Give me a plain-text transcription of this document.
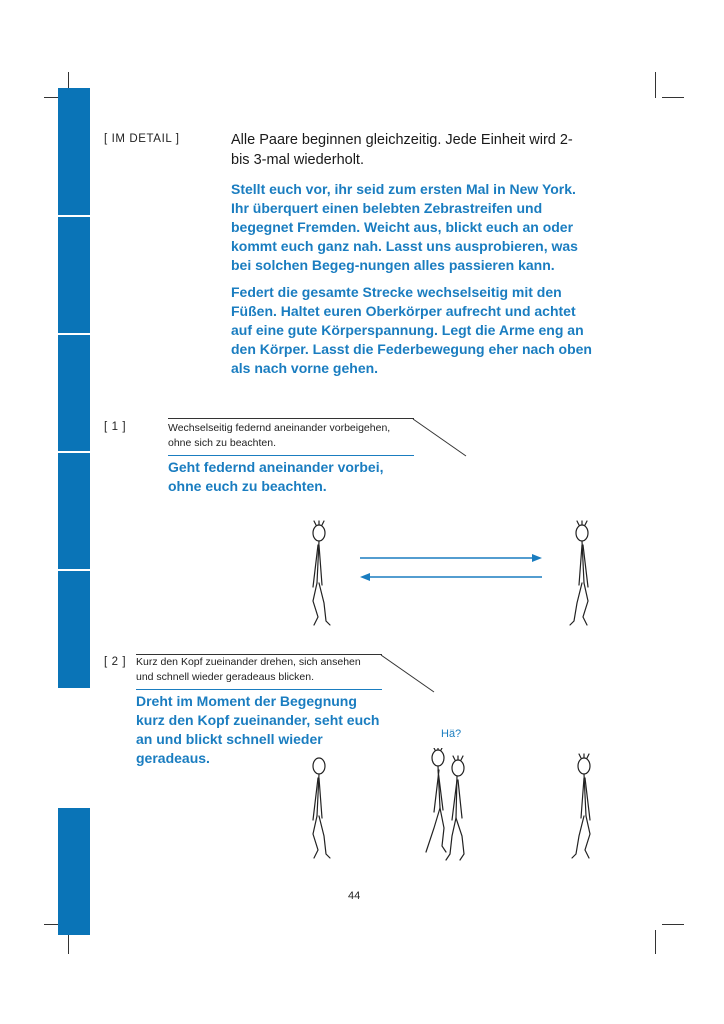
[ IM DETAIL ]	Alle Paare beginnen gleichzeitig. Jede Einheit wird 2- bis 3-mal wiederholt.
Stellt euch vor, ihr seid zum ersten Mal in New York. Ihr überquert einen belebten Zebrastreifen und begegnet Fremden. Weicht aus, blickt euch an oder kommt euch ganz nah. Lasst uns ausprobieren, was bei solchen Begeg-nungen alles passieren kann.
Federt die gesamte Strecke wechselseitig mit den Füßen. Haltet euren Oberkörper aufrecht und achtet auf eine gute Körperspannung. Legt die Arme eng an den Körper. Lasst die Federbewegung eher nach oben als nach vorne gehen.
[ 1 ]	Wechselseitig federnd aneinander vorbeigehen, ohne sich zu beachten.
Geht federnd aneinander vorbei, ohne euch zu beachten.
[ 2 ] Kurz den Kopf zueinander drehen, sich ansehen und schnell wieder geradeaus blicken.
Dreht im Moment der Begegnung kurz den Kopf zueinander, seht euch an und blickt schnell wieder geradeaus.
Hä?
44
